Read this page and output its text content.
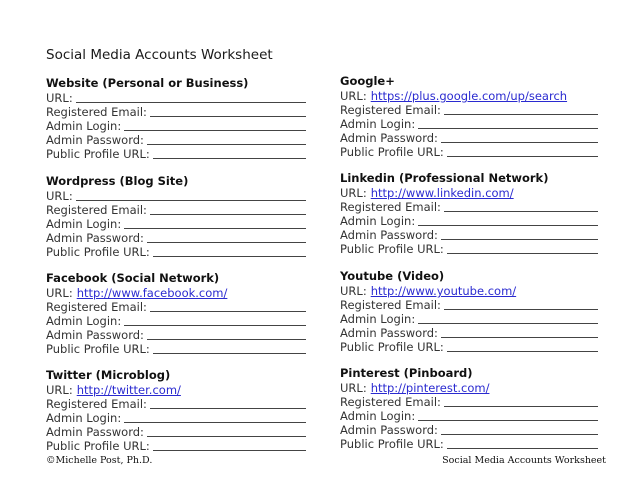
Social Media Accounts Worksheet
Website (Personal or Business)
URL:
Registered Email:
Admin Login:
Admin Password:
Public Profile URL:
Wordpress (Blog Site)
URL:
Registered Email:
Admin Login:
Admin Password:
Public Profile URL:
Facebook (Social Network)
URL: http://www.facebook.com/
Registered Email:
Admin Login:
Admin Password:
Public Profile URL:
Twitter (Microblog)
URL: http://twitter.com/
Registered Email:
Admin Login:
Admin Password:
Public Profile URL:
Google+
URL: https://plus.google.com/up/search
Registered Email:
Admin Login:
Admin Password:
Public Profile URL:
Linkedin (Professional Network)
URL: http://www.linkedin.com/
Registered Email:
Admin Login:
Admin Password:
Public Profile URL:
Youtube (Video)
URL: http://www.youtube.com/
Registered Email:
Admin Login:
Admin Password:
Public Profile URL:
Pinterest (Pinboard)
URL: http://pinterest.com/
Registered Email:
Admin Login:
Admin Password:
Public Profile URL:
©Michelle Post, Ph.D.	Social Media Accounts Worksheet
